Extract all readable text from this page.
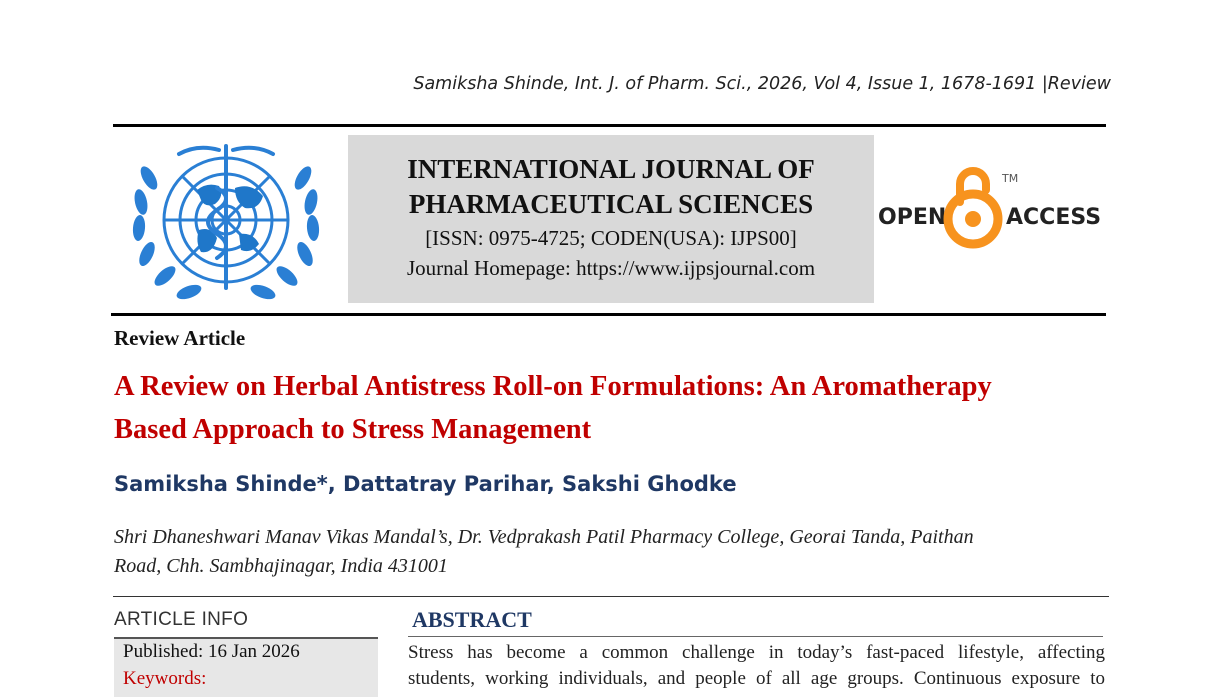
Samiksha Shinde, Int. J. of Pharm. Sci., 2026, Vol 4, Issue 1, 1678-1691 |Review
INTERNATIONAL JOURNAL OF
PHARMACEUTICAL SCIENCES
[ISSN: 0975-4725; CODEN(USA): IJPS00]
Journal Homepage: https://www.ijpsjournal.com
OPEN	ACCESS
TM
Review Article
A Review on Herbal Antistress Roll-on Formulations: An Aromatherapy
Based Approach to Stress Management
Samiksha Shinde*, Dattatray Parihar, Sakshi Ghodke
Shri Dhaneshwari Manav Vikas Mandal’s, Dr. Vedprakash Patil Pharmacy College, Georai Tanda, Paithan
Road, Chh. Sambhajinagar, India 431001
ARTICLE INFO
Published: 16 Jan 2026
Keywords:
ABSTRACT
Stress has become a common challenge in today’s fast-paced lifestyle, affecting
students, working individuals, and people of all age groups. Continuous exposure to
